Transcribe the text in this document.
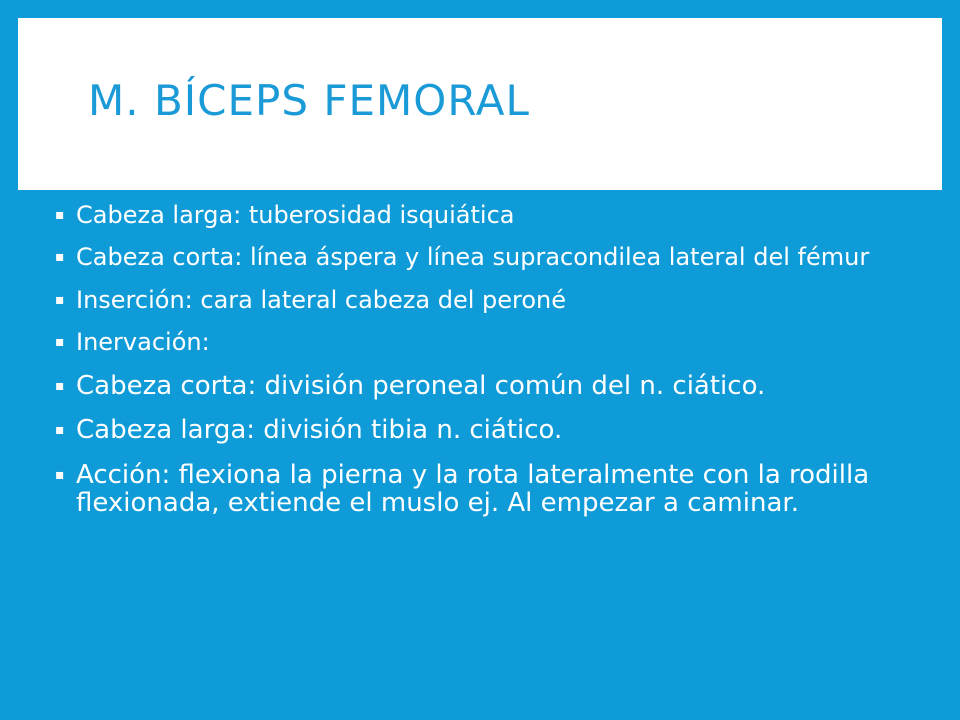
M. BÍCEPS FEMORAL
▪ Cabeza larga: tuberosidad isquiática
▪ Cabeza corta: línea áspera y línea supracondilea lateral del fémur
▪ Inserción: cara lateral cabeza del peroné
▪ Inervación:
▪ Cabeza corta: división peroneal común del n. ciático.
▪ Cabeza larga: división tibia n. ciático.
▪ Acción: flexiona la pierna y la rota lateralmente con la rodilla flexionada, extiende el muslo ej. Al empezar a caminar.
